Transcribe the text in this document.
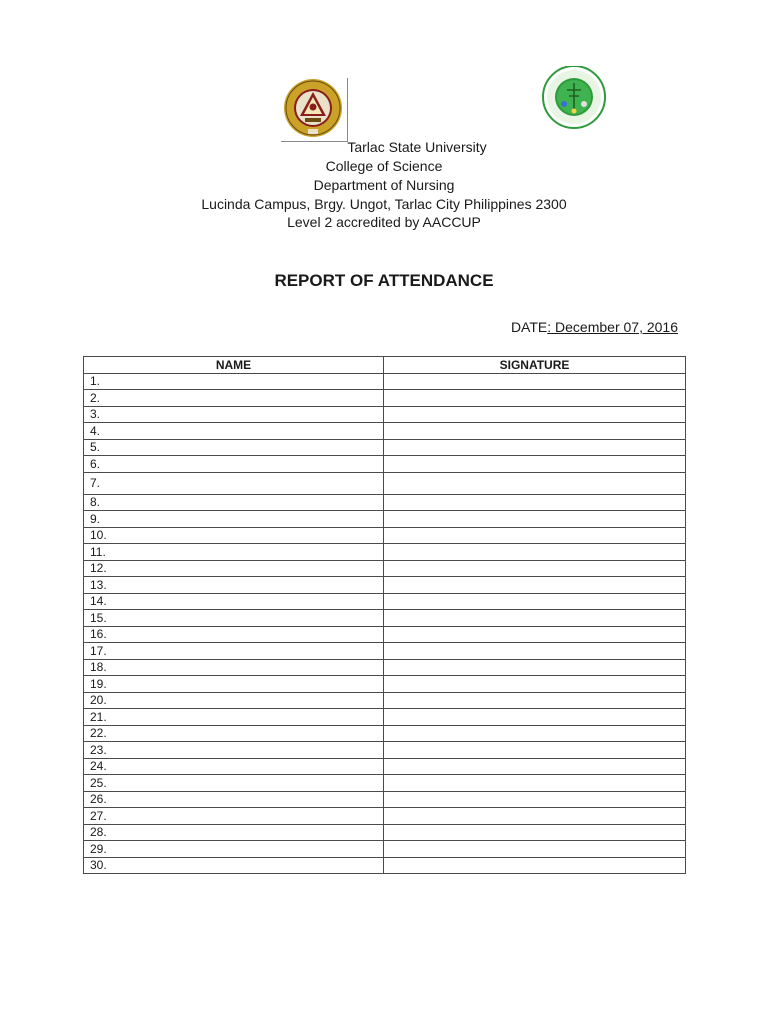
Tarlac State University
College of Science
Department of Nursing
Lucinda Campus, Brgy. Ungot, Tarlac City Philippines 2300
Level 2 accredited by AACCUP
REPORT OF ATTENDANCE
DATE: December 07, 2016
NAME	SIGNATURE
1.	
2.	
3.	
4.	
5.	
6.	
7.	
8.	
9.	
10.	
11.	
12.	
13.	
14.	
15.	
16.	
17.	
18.	
19.	
20.	
21.	
22.	
23.	
24.	
25.	
26.	
27.	
28.	
29.	
30.	
